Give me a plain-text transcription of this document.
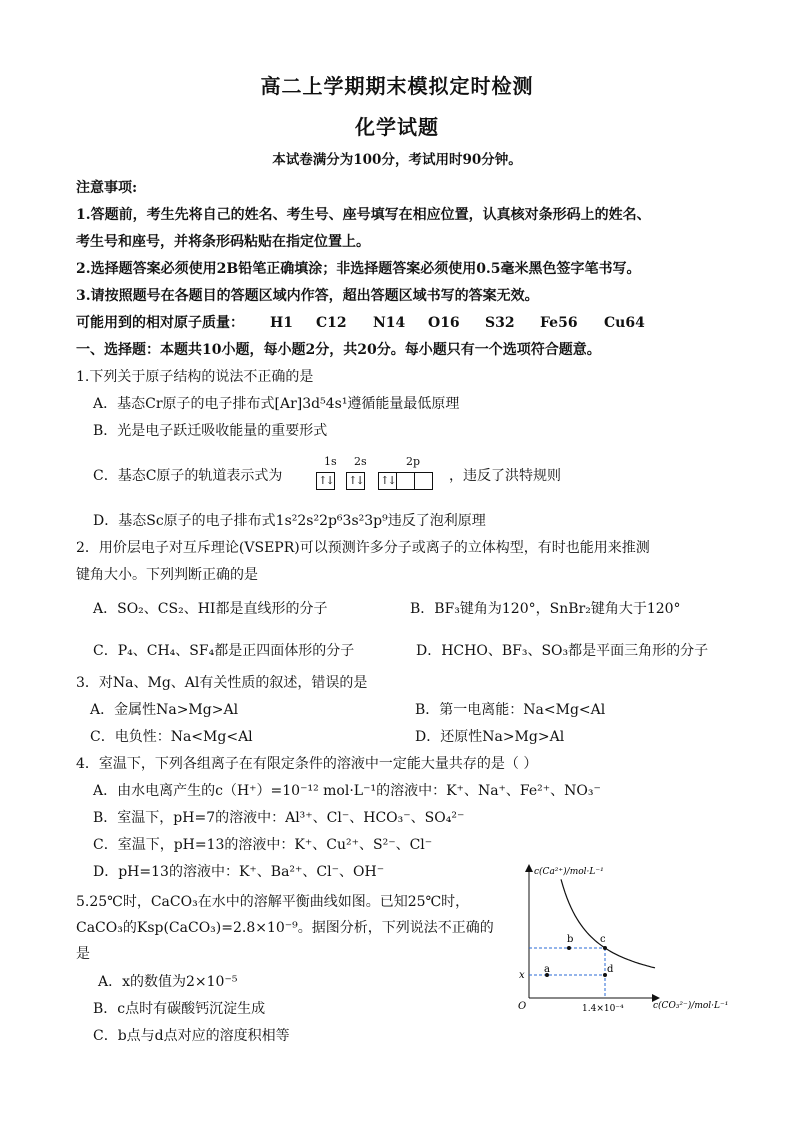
高二上学期期末模拟定时检测
化学试题
本试卷满分为100分，考试用时90分钟。
注意事项:
1.答题前，考生先将自己的姓名、考生号、座号填写在相应位置，认真核对条形码上的姓名、
考生号和座号，并将条形码粘贴在指定位置上。
2.选择题答案必须使用2B铅笔正确填涂；非选择题答案必须使用0.5毫米黑色签字笔书写。
3.请按照题号在各题目的答题区域内作答，超出答题区域书写的答案无效。
可能用到的相对原子质量： H1 C12 N14 O16 S32 Fe56 Cu64
一、选择题：本题共10小题，每小题2分，共20分。每小题只有一个选项符合题意。
1.下列关于原子结构的说法不正确的是
A．基态Cr原子的电子排布式[Ar]3d⁵4s¹遵循能量最低原理
B．光是电子跃迁吸收能量的重要形式
C．基态C原子的轨道表示式为
1s 2s	2p
↑↓ ↑↓ ↑↓	，违反了洪特规则
D．基态Sc原子的电子排布式1s²2s²2p⁶3s²3p⁹违反了泡利原理
2．用价层电子对互斥理论(VSEPR)可以预测许多分子或离子的立体构型，有时也能用来推测
键角大小。下列判断正确的是
A．SO₂、CS₂、HI都是直线形的分子	B．BF₃键角为120°，SnBr₂键角大于120°
C．P₄、CH₄、SF₄都是正四面体形的分子	D．HCHO、BF₃、SO₃都是平面三角形的分子
3．对Na、Mg、Al有关性质的叙述，错误的是
A．金属性Na>Mg>Al	B．第一电离能：Na<Mg<Al
C．电负性：Na<Mg<Al	D．还原性Na>Mg>Al
4．室温下，下列各组离子在有限定条件的溶液中一定能大量共存的是（ ）
A．由水电离产生的c（H⁺）=10⁻¹² mol·L⁻¹的溶液中：K⁺、Na⁺、Fe²⁺、NO₃⁻
B．室温下，pH=7的溶液中：Al³⁺、Cl⁻、HCO₃⁻、SO₄²⁻
C．室温下，pH=13的溶液中：K⁺、Cu²⁺、S²⁻、Cl⁻
D．pH=13的溶液中：K⁺、Ba²⁺、Cl⁻、OH⁻
5.25℃时，CaCO₃在水中的溶解平衡曲线如图。已知25℃时，
CaCO₃的Ksp(CaCO₃)=2.8×10⁻⁹。据图分析，下列说法不正确的
是
A．x的数值为2×10⁻⁵
B．c点时有碳酸钙沉淀生成
C．b点与d点对应的溶度积相等
a
b	c
d
c(Ca²⁺)/mol·L⁻¹
c(CO₃²⁻)/mol·L⁻¹
O
x
1.4×10⁻⁴
